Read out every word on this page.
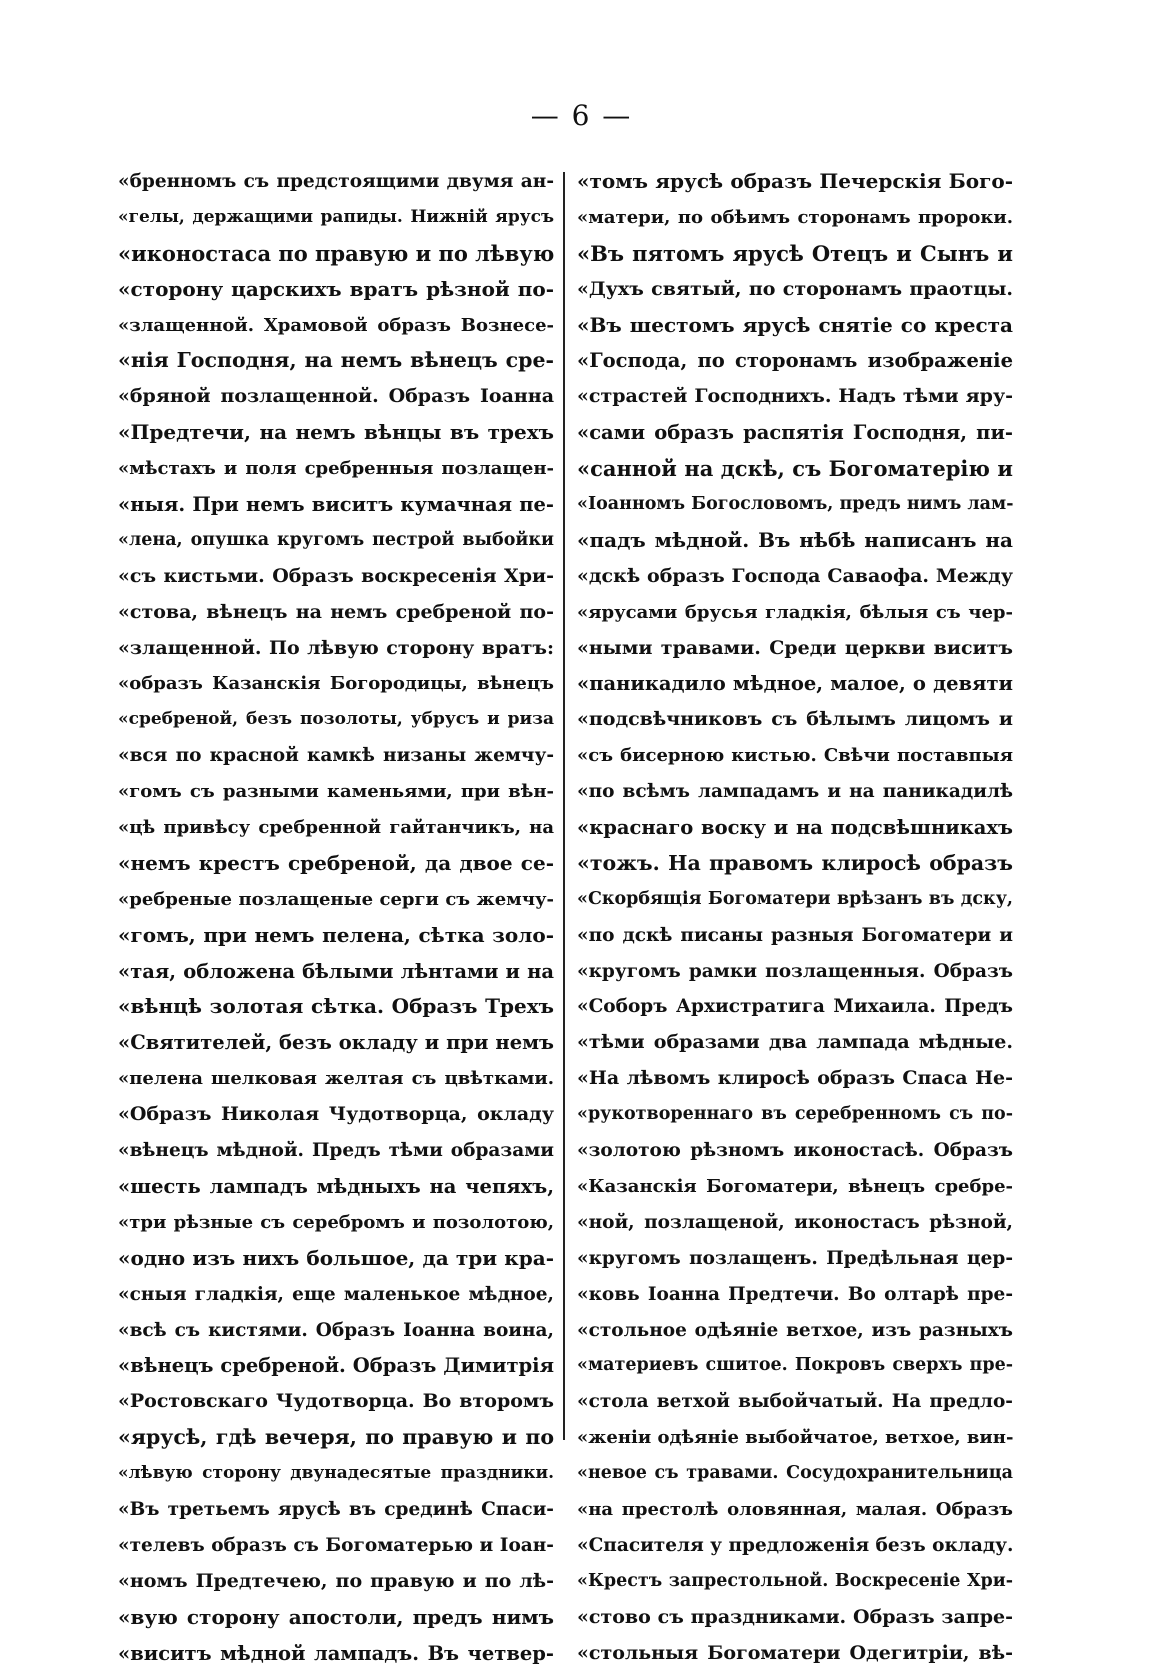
— 6 —
«бренномъ съ предстоящими двумя ан-
«гелы, держащими рапиды. Нижній ярусъ
«иконостаса по правую и по лѣвую
«сторону царскихъ вратъ рѣзной по-
«злащенной. Храмовой образъ Вознесе-
«нія Господня, на немъ вѣнецъ сре-
«бряной позлащенной. Образъ Іоанна
«Предтечи, на немъ вѣнцы въ трехъ
«мѣстахъ и поля сребренныя позлащен-
«ныя. При немъ виситъ кумачная пе-
«лена, опушка кругомъ пестрой выбойки
«съ кистьми. Образъ воскресенія Хри-
«стова, вѣнецъ на немъ сребреной по-
«злащенной. По лѣвую сторону вратъ:
«образъ Казанскія Богородицы, вѣнецъ
«сребреной, безъ позолоты, убрусъ и риза
«вся по красной камкѣ низаны жемчу-
«гомъ съ разными каменьями, при вѣн-
«цѣ привѣсу сребренной гайтанчикъ, на
«немъ крестъ сребреной, да двое се-
«ребреные позлащеные серги съ жемчу-
«гомъ, при немъ пелена, сѣтка золо-
«тая, обложена бѣлыми лѣнтами и на
«вѣнцѣ золотая сѣтка. Образъ Трехъ
«Святителей, безъ окладу и при немъ
«пелена шелковая желтая съ цвѣтками.
«Образъ Николая Чудотворца, окладу
«вѣнецъ мѣдной. Предъ тѣми образами
«шесть лампадъ мѣдныхъ на чепяхъ,
«три рѣзные съ серебромъ и позолотою,
«одно изъ нихъ большое, да три кра-
«сныя гладкія, еще маленькое мѣдное,
«всѣ съ кистями. Образъ Іоанна воина,
«вѣнецъ сребреной. Образъ Димитрія
«Ростовскаго Чудотворца. Во второмъ
«ярусѣ, гдѣ вечеря, по правую и по
«лѣвую сторону двунадесятые праздники.
«Въ третьемъ ярусѣ въ срединѣ Спаси-
«телевъ образъ съ Богоматерью и Іоан-
«номъ Предтечею, по правую и по лѣ-
«вую сторону апостоли, предъ нимъ
«виситъ мѣдной лампадъ. Въ четвер-
«томъ ярусѣ образъ Печерскія Бого-
«матери, по обѣимъ сторонамъ пророки.
«Въ пятомъ ярусѣ Отецъ и Сынъ и
«Духъ святый, по сторонамъ праотцы.
«Въ шестомъ ярусѣ снятіе со креста
«Господа, по сторонамъ изображеніе
«страстей Господнихъ. Надъ тѣми яру-
«сами образъ распятія Господня, пи-
«санной на дскѣ, съ Богоматерію и
«Іоанномъ Богословомъ, предъ нимъ лам-
«падъ мѣдной. Въ нѣбѣ написанъ на
«дскѣ образъ Господа Саваофа. Между
«ярусами брусья гладкія, бѣлыя съ чер-
«ными травами. Среди церкви виситъ
«паникадило мѣдное, малое, о девяти
«подсвѣчниковъ съ бѣлымъ лицомъ и
«съ бисерною кистью. Свѣчи поставпыя
«по всѣмъ лампадамъ и на паникадилѣ
«краснаго воску и на подсвѣшникахъ
«тожъ. На правомъ клиросѣ образъ
«Скорбящія Богоматери врѣзанъ въ дску,
«по дскѣ писаны разныя Богоматери и
«кругомъ рамки позлащенныя. Образъ
«Соборъ Архистратига Михаила. Предъ
«тѣми образами два лампада мѣдные.
«На лѣвомъ клиросѣ образъ Спаса Не-
«рукотвореннаго въ серебренномъ съ по-
«золотою рѣзномъ иконостасѣ. Образъ
«Казанскія Богоматери, вѣнецъ сребре-
«ной, позлащеной, иконостасъ рѣзной,
«кругомъ позлащенъ. Предѣльная цер-
«ковь Іоанна Предтечи. Во олтарѣ пре-
«стольное одѣяніе ветхое, изъ разныхъ
«материевъ сшитое. Покровъ сверхъ пре-
«стола ветхой выбойчатый. На предло-
«женіи одѣяніе выбойчатое, ветхое, вин-
«невое съ травами. Сосудохранительница
«на престолѣ оловянная, малая. Образъ
«Спасителя у предложенія безъ окладу.
«Крестъ запрестольной. Воскресеніе Хри-
«стово съ праздниками. Образъ запре-
«стольныя Богоматери Одегитріи, вѣ-
